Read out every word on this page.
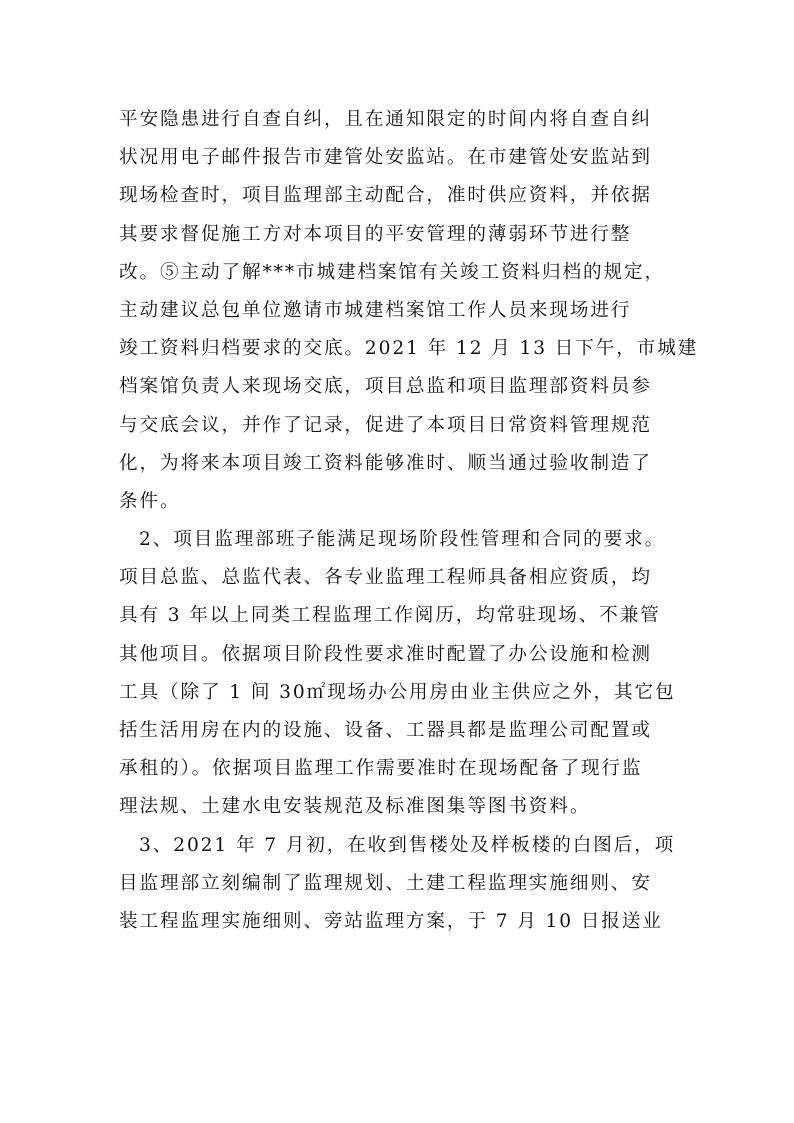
平安隐患进行自查自纠，且在通知限定的时间内将自查自纠
状况用电子邮件报告市建管处安监站。在市建管处安监站到
现场检查时，项目监理部主动配合，准时供应资料，并依据
其要求督促施工方对本项目的平安管理的薄弱环节进行整
改。⑤主动了解***市城建档案馆有关竣工资料归档的规定，
主动建议总包单位邀请市城建档案馆工作人员来现场进行
竣工资料归档要求的交底。2021 年 12 月 13 日下午，市城建
档案馆负责人来现场交底，项目总监和项目监理部资料员参
与交底会议，并作了记录，促进了本项目日常资料管理规范
化，为将来本项目竣工资料能够准时、顺当通过验收制造了
条件。
2、项目监理部班子能满足现场阶段性管理和合同的要求。
项目总监、总监代表、各专业监理工程师具备相应资质，均
具有 3 年以上同类工程监理工作阅历，均常驻现场、不兼管
其他项目。依据项目阶段性要求准时配置了办公设施和检测
工具（除了 1 间 30㎡现场办公用房由业主供应之外，其它包
括生活用房在内的设施、设备、工器具都是监理公司配置或
承租的）。依据项目监理工作需要准时在现场配备了现行监
理法规、土建水电安装规范及标准图集等图书资料。
3、2021 年 7 月初，在收到售楼处及样板楼的白图后，项
目监理部立刻编制了监理规划、土建工程监理实施细则、安
装工程监理实施细则、旁站监理方案，于 7 月 10 日报送业
